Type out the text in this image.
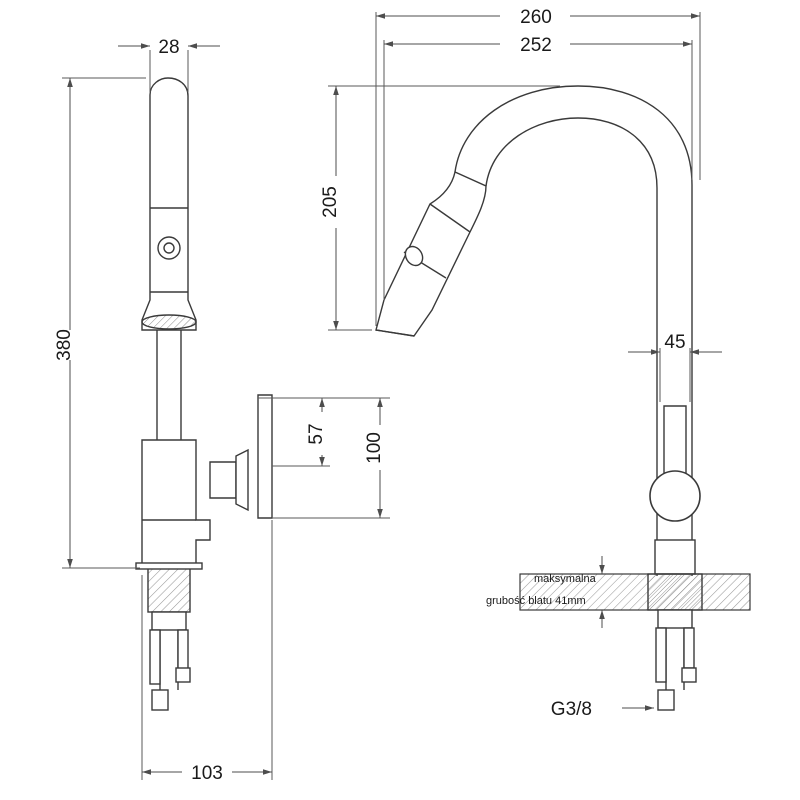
28
380
103
260
252
205
57 100
45
G3/8
maksymalna
grubość blatu 41mm
